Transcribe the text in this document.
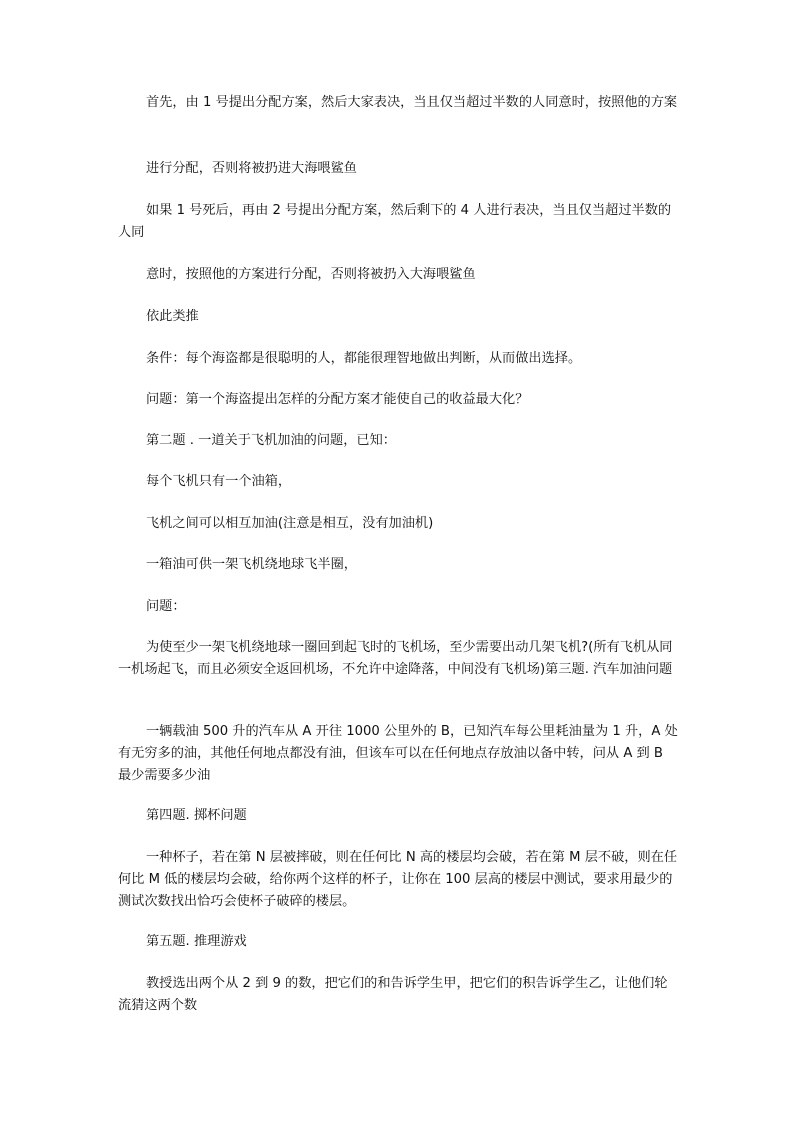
首先，由 1 号提出分配方案，然后大家表决，当且仅当超过半数的人同意时，按照他的方案

进行分配，否则将被扔进大海喂鲨鱼

如果 1 号死后，再由 2 号提出分配方案，然后剩下的 4 人进行表决，当且仅当超过半数的人同

意时，按照他的方案进行分配，否则将被扔入大海喂鲨鱼

依此类推

条件：每个海盗都是很聪明的人，都能很理智地做出判断，从而做出选择。

问题：第一个海盗提出怎样的分配方案才能使自己的收益最大化？

第二题 . 一道关于飞机加油的问题，已知：

每个飞机只有一个油箱，

飞机之间可以相互加油(注意是相互，没有加油机)

一箱油可供一架飞机绕地球飞半圈，

问题：

为使至少一架飞机绕地球一圈回到起飞时的飞机场，至少需要出动几架飞机?(所有飞机从同一机场起飞，而且必须安全返回机场，不允许中途降落，中间没有飞机场)第三题. 汽车加油问题

一辆载油 500 升的汽车从 A 开往 1000 公里外的 B，已知汽车每公里耗油量为 1 升，A 处有无穷多的油，其他任何地点都没有油，但该车可以在任何地点存放油以备中转，问从 A 到 B 最少需要多少油

第四题. 掷杯问题

一种杯子，若在第 N 层被摔破，则在任何比 N 高的楼层均会破，若在第 M 层不破，则在任何比 M 低的楼层均会破，给你两个这样的杯子，让你在 100 层高的楼层中测试，要求用最少的测试次数找出恰巧会使杯子破碎的楼层。

第五题. 推理游戏

教授选出两个从 2 到 9 的数，把它们的和告诉学生甲，把它们的积告诉学生乙，让他们轮流猜这两个数
